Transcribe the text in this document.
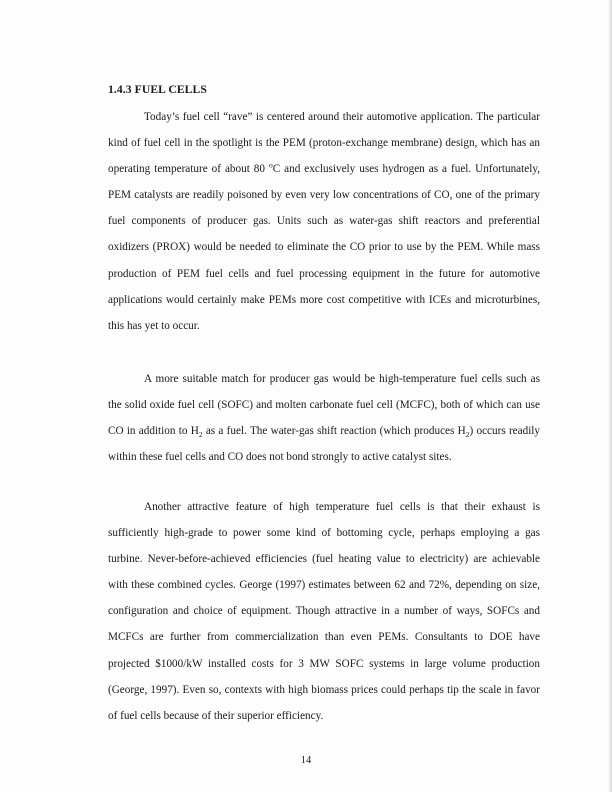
1.4.3 FUEL CELLS

Today’s fuel cell “rave” is centered around their automotive application. The particular kind of fuel cell in the spotlight is the PEM (proton-exchange membrane) design, which has an operating temperature of about 80 $^o$C and exclusively uses hydrogen as a fuel. Unfortunately, PEM catalysts are readily poisoned by even very low concentrations of CO, one of the primary fuel components of producer gas. Units such as water-gas shift reactors and preferential oxidizers (PROX) would be needed to eliminate the CO prior to use by the PEM. While mass production of PEM fuel cells and fuel processing equipment in the future for automotive applications would certainly make PEMs more cost competitive with ICEs and microturbines, this has yet to occur.

A more suitable match for producer gas would be high-temperature fuel cells such as the solid oxide fuel cell (SOFC) and molten carbonate fuel cell (MCFC), both of which can use CO in addition to $H_2$ as a fuel. The water-gas shift reaction (which produces $H_2$) occurs readily within these fuel cells and CO does not bond strongly to active catalyst sites.

Another attractive feature of high temperature fuel cells is that their exhaust is sufficiently high-grade to power some kind of bottoming cycle, perhaps employing a gas turbine. Never-before-achieved efficiencies (fuel heating value to electricity) are achievable with these combined cycles. George (1997) estimates between 62 and 72%, depending on size, configuration and choice of equipment. Though attractive in a number of ways, SOFCs and MCFCs are further from commercialization than even PEMs. Consultants to DOE have projected $1000/kW installed costs for 3 MW SOFC systems in large volume production (George, 1997). Even so, contexts with high biomass prices could perhaps tip the scale in favor of fuel cells because of their superior efficiency.

14
